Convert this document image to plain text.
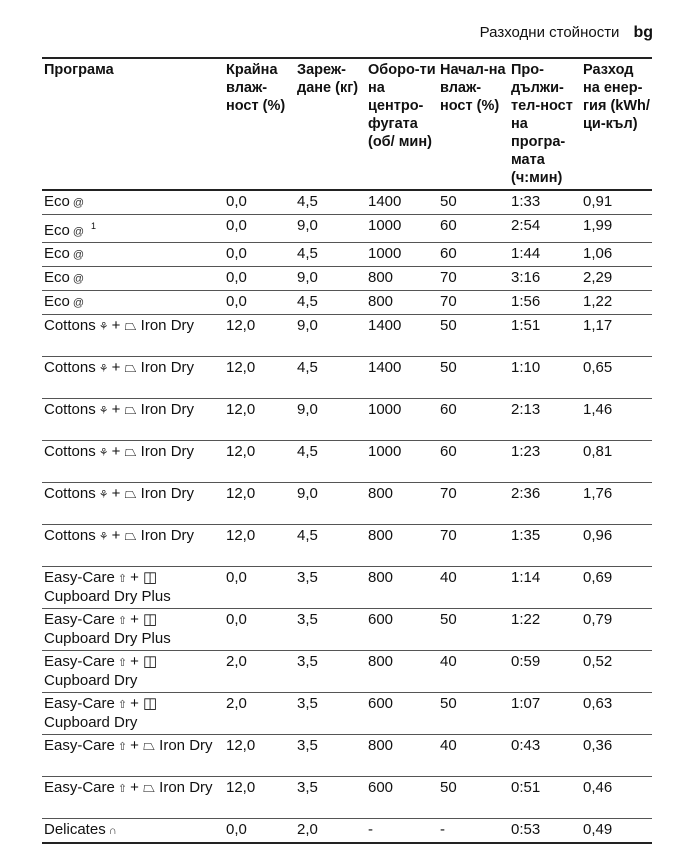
Разходни стойности bg
Програма	Крайна влаж-ност (%)	Зареж-дане (кг)	Оборо-ти на центро-фугата (об/ мин)	Начал-на влаж-ност (%)	Про-дължи-тел-ност на програ-мата (ч:мин)	Разход на енер-гия (kWh/ци-къл)
Eco @	0,0	4,5	1400	50	1:33	0,91
Eco @ $^1$	0,0	9,0	1000	60	2:54	1,99
Eco @	0,0	4,5	1000	60	1:44	1,06
Eco @	0,0	9,0	800	70	3:16	2,29
Eco @	0,0	4,5	800	70	1:56	1,22
Cottons ⚘ + ⏢ Iron Dry	12,0	9,0	1400	50	1:51	1,17
Cottons ⚘ + ⏢ Iron Dry	12,0	4,5	1400	50	1:10	0,65
Cottons ⚘ + ⏢ Iron Dry	12,0	9,0	1000	60	2:13	1,46
Cottons ⚘ + ⏢ Iron Dry	12,0	4,5	1000	60	1:23	0,81
Cottons ⚘ + ⏢ Iron Dry	12,0	9,0	800	70	2:36	1,76
Cottons ⚘ + ⏢ Iron Dry	12,0	4,5	800	70	1:35	0,96
Easy-Care ⇧ + ◫ Cupboard Dry Plus	0,0	3,5	800	40	1:14	0,69
Easy-Care ⇧ + ◫ Cupboard Dry Plus	0,0	3,5	600	50	1:22	0,79
Easy-Care ⇧ + ◫ Cupboard Dry	2,0	3,5	800	40	0:59	0,52
Easy-Care ⇧ + ◫ Cupboard Dry	2,0	3,5	600	50	1:07	0,63
Easy-Care ⇧ + ⏢ Iron Dry	12,0	3,5	800	40	0:43	0,36
Easy-Care ⇧ + ⏢ Iron Dry	12,0	3,5	600	50	0:51	0,46
Delicates ∩	0,0	2,0	-	-	0:53	0,49
